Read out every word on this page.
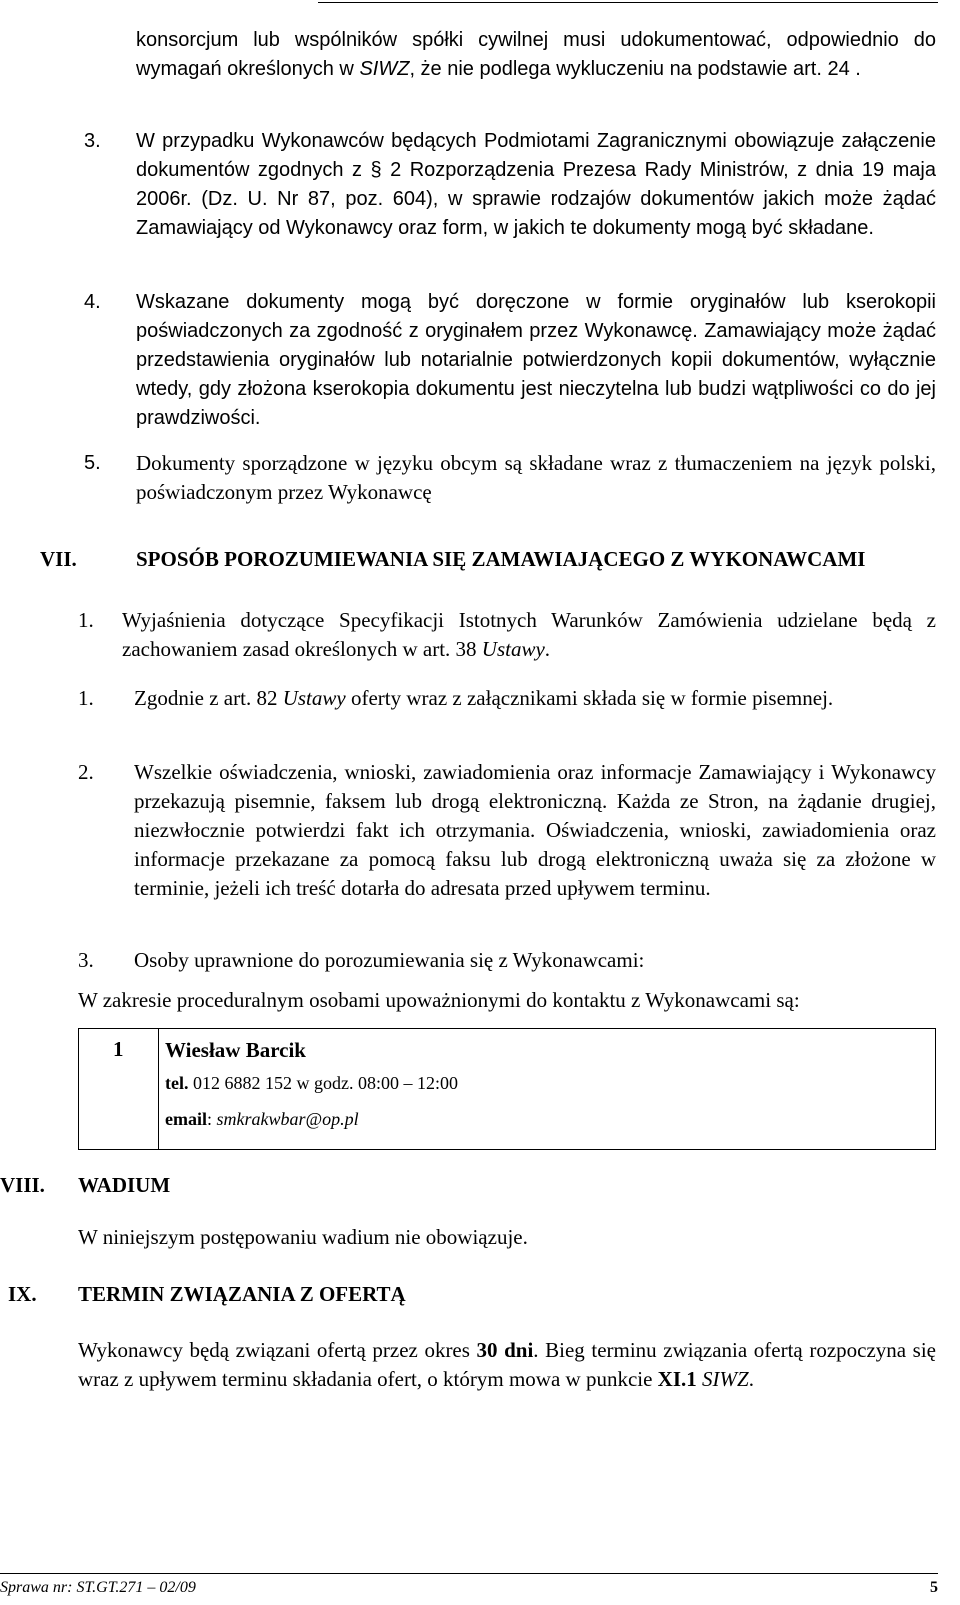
konsorcjum lub wspólników spółki cywilnej musi udokumentować, odpowiednio do wymagań określonych w SIWZ, że nie podlega wykluczeniu na podstawie art. 24 .
3. W przypadku Wykonawców będących Podmiotami Zagranicznymi obowiązuje załączenie dokumentów zgodnych z § 2 Rozporządzenia Prezesa Rady Ministrów, z dnia 19 maja 2006r. (Dz. U. Nr 87, poz. 604), w sprawie rodzajów dokumentów jakich może żądać Zamawiający od Wykonawcy oraz form, w jakich te dokumenty mogą być składane.
4. Wskazane dokumenty mogą być doręczone w formie oryginałów lub kserokopii poświadczonych za zgodność z oryginałem przez Wykonawcę. Zamawiający może żądać przedstawienia oryginałów lub notarialnie potwierdzonych kopii dokumentów, wyłącznie wtedy, gdy złożona kserokopia dokumentu jest nieczytelna lub budzi wątpliwości co do jej prawdziwości.
5. Dokumenty sporządzone w języku obcym są składane wraz z tłumaczeniem na język polski, poświadczonym przez Wykonawcę
VII.	SPOSÓB POROZUMIEWANIA SIĘ ZAMAWIAJĄCEGO Z WYKONAWCAMI
1. Wyjaśnienia dotyczące Specyfikacji Istotnych Warunków Zamówienia udzielane będą z zachowaniem zasad określonych w art. 38 Ustawy.
1. Zgodnie z art. 82 Ustawy oferty wraz z załącznikami składa się w formie pisemnej.
2. Wszelkie oświadczenia, wnioski, zawiadomienia oraz informacje Zamawiający i Wykonawcy przekazują pisemnie, faksem lub drogą elektroniczną. Każda ze Stron, na żądanie drugiej, niezwłocznie potwierdzi fakt ich otrzymania. Oświadczenia, wnioski, zawiadomienia oraz informacje przekazane za pomocą faksu lub drogą elektroniczną uważa się za złożone w terminie, jeżeli ich treść dotarła do adresata przed upływem terminu.
3. Osoby uprawnione do porozumiewania się z Wykonawcami:
W zakresie proceduralnym osobami upoważnionymi do kontaktu z Wykonawcami są:
1	Wiesław Barcik
tel. 012 6882 152 w godz. 08:00 – 12:00
email: smkrakwbar@op.pl
VIII. WADIUM
W niniejszym postępowaniu wadium nie obowiązuje.
IX. TERMIN ZWIĄZANIA Z OFERTĄ
Wykonawcy będą związani ofertą przez okres 30 dni. Bieg terminu związania ofertą rozpoczyna się wraz z upływem terminu składania ofert, o którym mowa w punkcie XI.1 SIWZ.
Sprawa nr: ST.GT.271 – 02/09	5
